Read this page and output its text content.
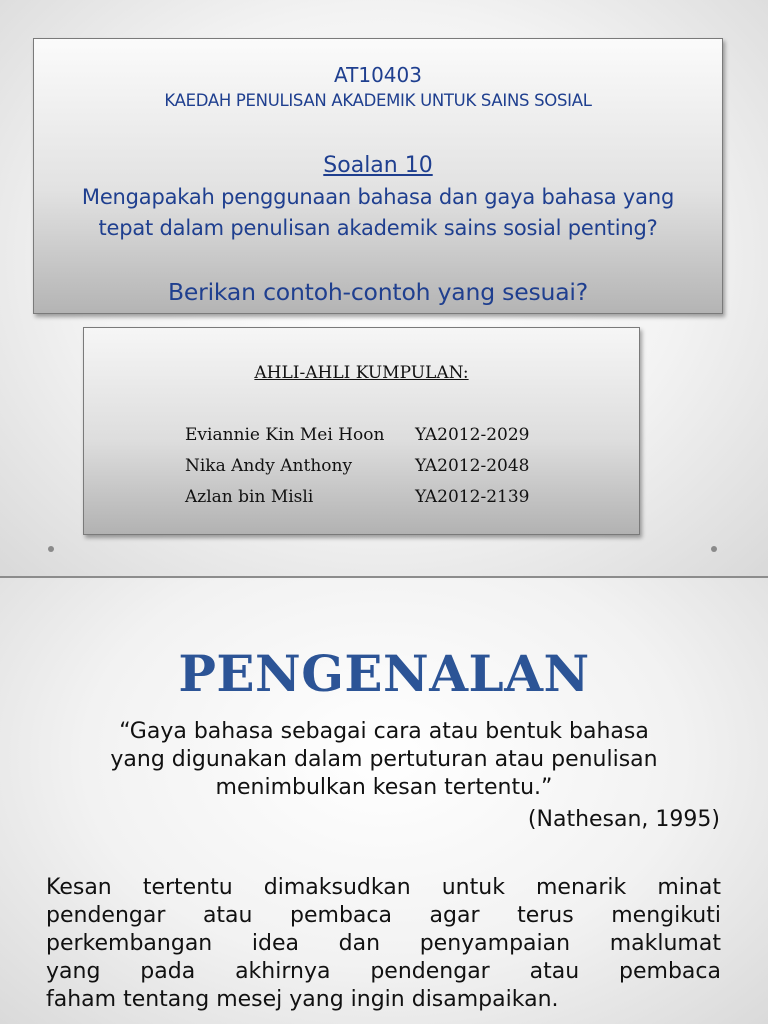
AT10403
KAEDAH PENULISAN AKADEMIK UNTUK SAINS SOSIAL
Soalan 10
Mengapakah penggunaan bahasa dan gaya bahasa yang
tepat dalam penulisan akademik sains sosial penting?
Berikan contoh-contoh yang sesuai?
AHLI-AHLI KUMPULAN:
Eviannie Kin Mei Hoon YA2012-2029
Nika Andy Anthony	YA2012-2048
Azlan bin Misli	YA2012-2139
PENGENALAN
“Gaya bahasa sebagai cara atau bentuk bahasa
yang digunakan dalam pertuturan atau penulisan
menimbulkan kesan tertentu.”
(Nathesan, 1995)
Kesan tertentu dimaksudkan untuk menarik minat
pendengar atau pembaca agar terus mengikuti
perkembangan idea dan penyampaian maklumat
yang pada akhirnya pendengar atau pembaca
faham tentang mesej yang ingin disampaikan.
